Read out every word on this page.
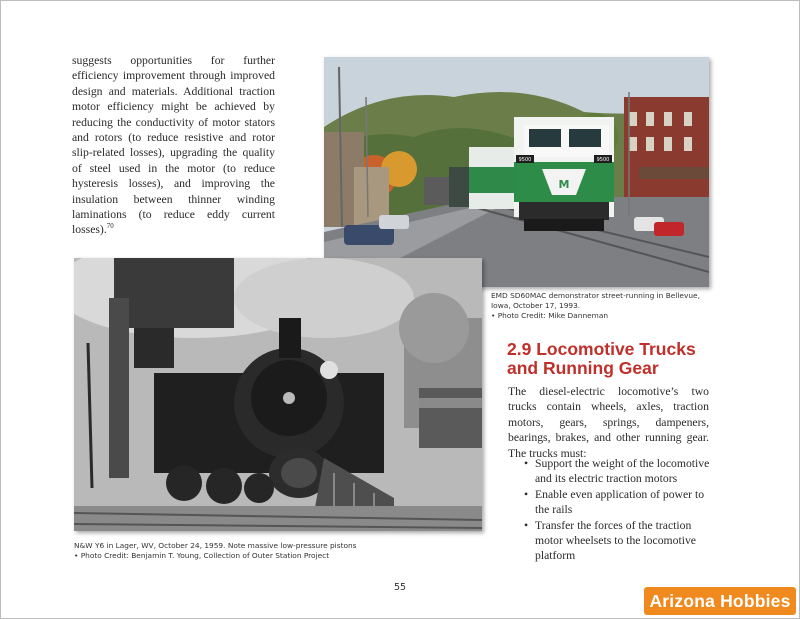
suggests opportunities for further efficiency improvement through improved design and materials. Additional traction motor efficiency might be achieved by reducing the conductivity of motor stators and rotors (to reduce resistive and rotor slip-related losses), upgrading the quality of steel used in the motor (to reduce hysteresis losses), and improving the insulation between thinner winding laminations (to reduce eddy current losses).$^{70}$

M
9500	9500
EMD SD60MAC demonstrator street-running in Bellevue, Iowa, October 17, 1993.
• Photo Credit: Mike Danneman
N&W Y6 in Lager, WV, October 24, 1959. Note massive low-pressure pistons
• Photo Credit: Benjamin T. Young, Collection of Outer Station Project
2.9 Locomotive Trucks
and Running Gear

The diesel-electric locomotive’s two trucks contain wheels, axles, traction motors, gears, springs, dampeners, bearings, brakes, and other running gear. The trucks must:

• Support the weight of the locomotive and its electric traction motors
• Enable even application of power to the rails
• Transfer the forces of the traction motor wheelsets to the locomotive platform
55
Arizona Hobbies
